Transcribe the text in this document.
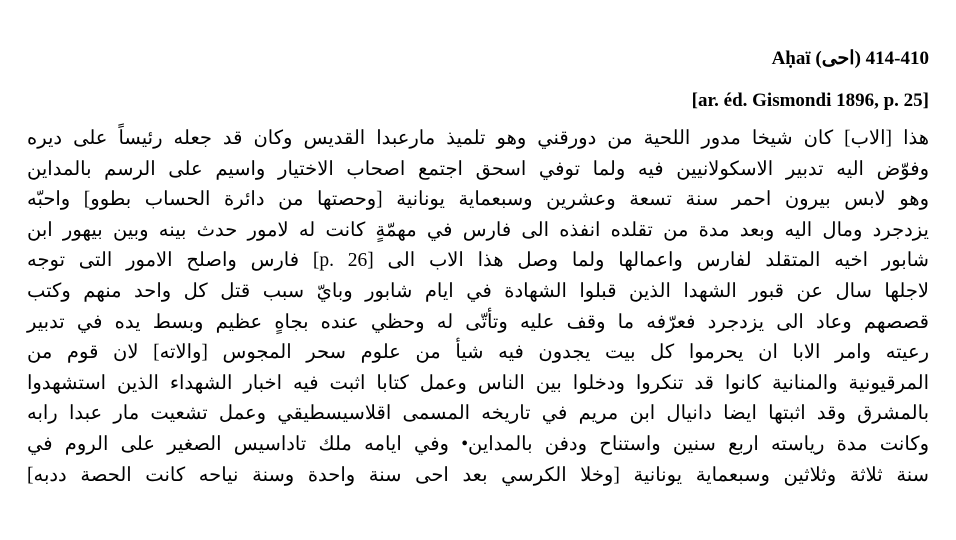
Aḥaï (احى) 410-414
[ar. éd. Gismondi 1896, p. 25]
هذا [الاب] كان شيخا مدور اللحية من دورقني وهو تلميذ مارعبدا القديس وكان قد جعله رئيساً على ديره
وفوّض اليه تدبير الاسكولانيين فيه ولما توفي اسحق اجتمع اصحاب الاختيار واسيم على الرسم بالمداين
وهو لابس بيرون احمر سنة تسعة وعشرين وسبعماية يونانية [وحصتها من دائرة الحساب بطوو] واحبّه
يزدجرد ومال اليه وبعد مدة من تقلده انفذه الى فارس في مهمّةٍ كانت له لامور حدث بينه وبين بيهور ابن
شابور اخيه المتقلد لفارس واعمالها ولما وصل هذا الاب الى [p. 26] فارس واصلح الامور التى توجه
لاجلها سال عن قبور الشهدا الذين قبلوا الشهادة في ايام شابور وبايّ سبب قتل كل واحد منهم وكتب
قصصهم وعاد الى يزدجرد فعرّفه ما وقف عليه وتأتّى له وحظي عنده بجاهٍ عظيم وبسط يده في تدبير
رعيته وامر الابا ان يحرموا كل بيت يجدون فيه شيأ من علوم سحر المجوس [والاته] لان قوم من
المرقيونية والمنانية كانوا قد تنكروا ودخلوا بين الناس وعمل كتابا اثبت فيه اخبار الشهداء الذين استشهدوا
بالمشرق وقد اثبتها ايضا دانيال ابن مريم في تاريخه المسمى اقلاسيسطيقي وعمل تشعيت مار عبدا رابه
وكانت مدة رياسته اربع سنين واستناح ودفن بالمداين• وفي ايامه ملك تاداسيس الصغير على الروم في
سنة ثلاثة وثلاثين وسبعماية يونانية [وخلا الكرسي بعد احى سنة واحدة وسنة نياحه كانت الحصة ددبه]
